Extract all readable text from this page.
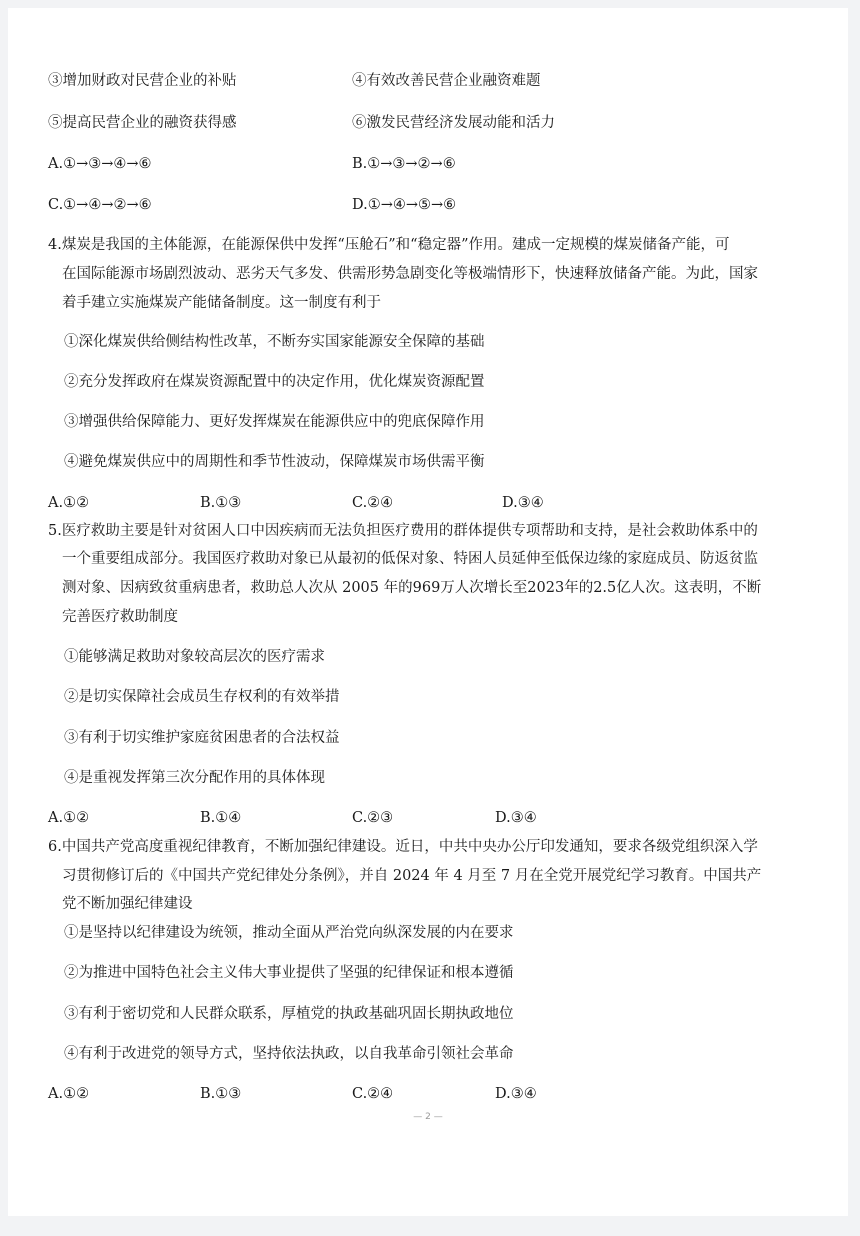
③增加财政对民营企业的补贴	④有效改善民营企业融资难题
⑤提高民营企业的融资获得感	⑥激发民营经济发展动能和活力
A.①→③→④→⑥	B.①→③→②→⑥
C.①→④→②→⑥	D.①→④→⑤→⑥
4.煤炭是我国的主体能源，在能源保供中发挥“压舱石”和“稳定器”作用。建成一定规模的煤炭储备产能，可
在国际能源市场剧烈波动、恶劣天气多发、供需形势急剧变化等极端情形下，快速释放储备产能。为此，国家
着手建立实施煤炭产能储备制度。这一制度有利于
①深化煤炭供给侧结构性改革，不断夯实国家能源安全保障的基础
②充分发挥政府在煤炭资源配置中的决定作用，优化煤炭资源配置
③增强供给保障能力、更好发挥煤炭在能源供应中的兜底保障作用
④避免煤炭供应中的周期性和季节性波动，保障煤炭市场供需平衡
A.①②	B.①③	C.②④	D.③④
5.医疗救助主要是针对贫困人口中因疾病而无法负担医疗费用的群体提供专项帮助和支持，是社会救助体系中的
一个重要组成部分。我国医疗救助对象已从最初的低保对象、特困人员延伸至低保边缘的家庭成员、防返贫监
测对象、因病致贫重病患者，救助总人次从 2005 年的969万人次增长至2023年的2.5亿人次。这表明，不断
完善医疗救助制度
①能够满足救助对象较高层次的医疗需求
②是切实保障社会成员生存权利的有效举措
③有利于切实维护家庭贫困患者的合法权益
④是重视发挥第三次分配作用的具体体现
A.①②	B.①④	C.②③	D.③④
6.中国共产党高度重视纪律教育，不断加强纪律建设。近日，中共中央办公厅印发通知，要求各级党组织深入学
习贯彻修订后的《中国共产党纪律处分条例》，并自 2024 年 4 月至 7 月在全党开展党纪学习教育。中国共产
党不断加强纪律建设
①是坚持以纪律建设为统领，推动全面从严治党向纵深发展的内在要求
②为推进中国特色社会主义伟大事业提供了坚强的纪律保证和根本遵循
③有利于密切党和人民群众联系，厚植党的执政基础巩固长期执政地位
④有利于改进党的领导方式，坚持依法执政，以自我革命引领社会革命
A.①②	B.①③	C.②④	D.③④
— 2 —
